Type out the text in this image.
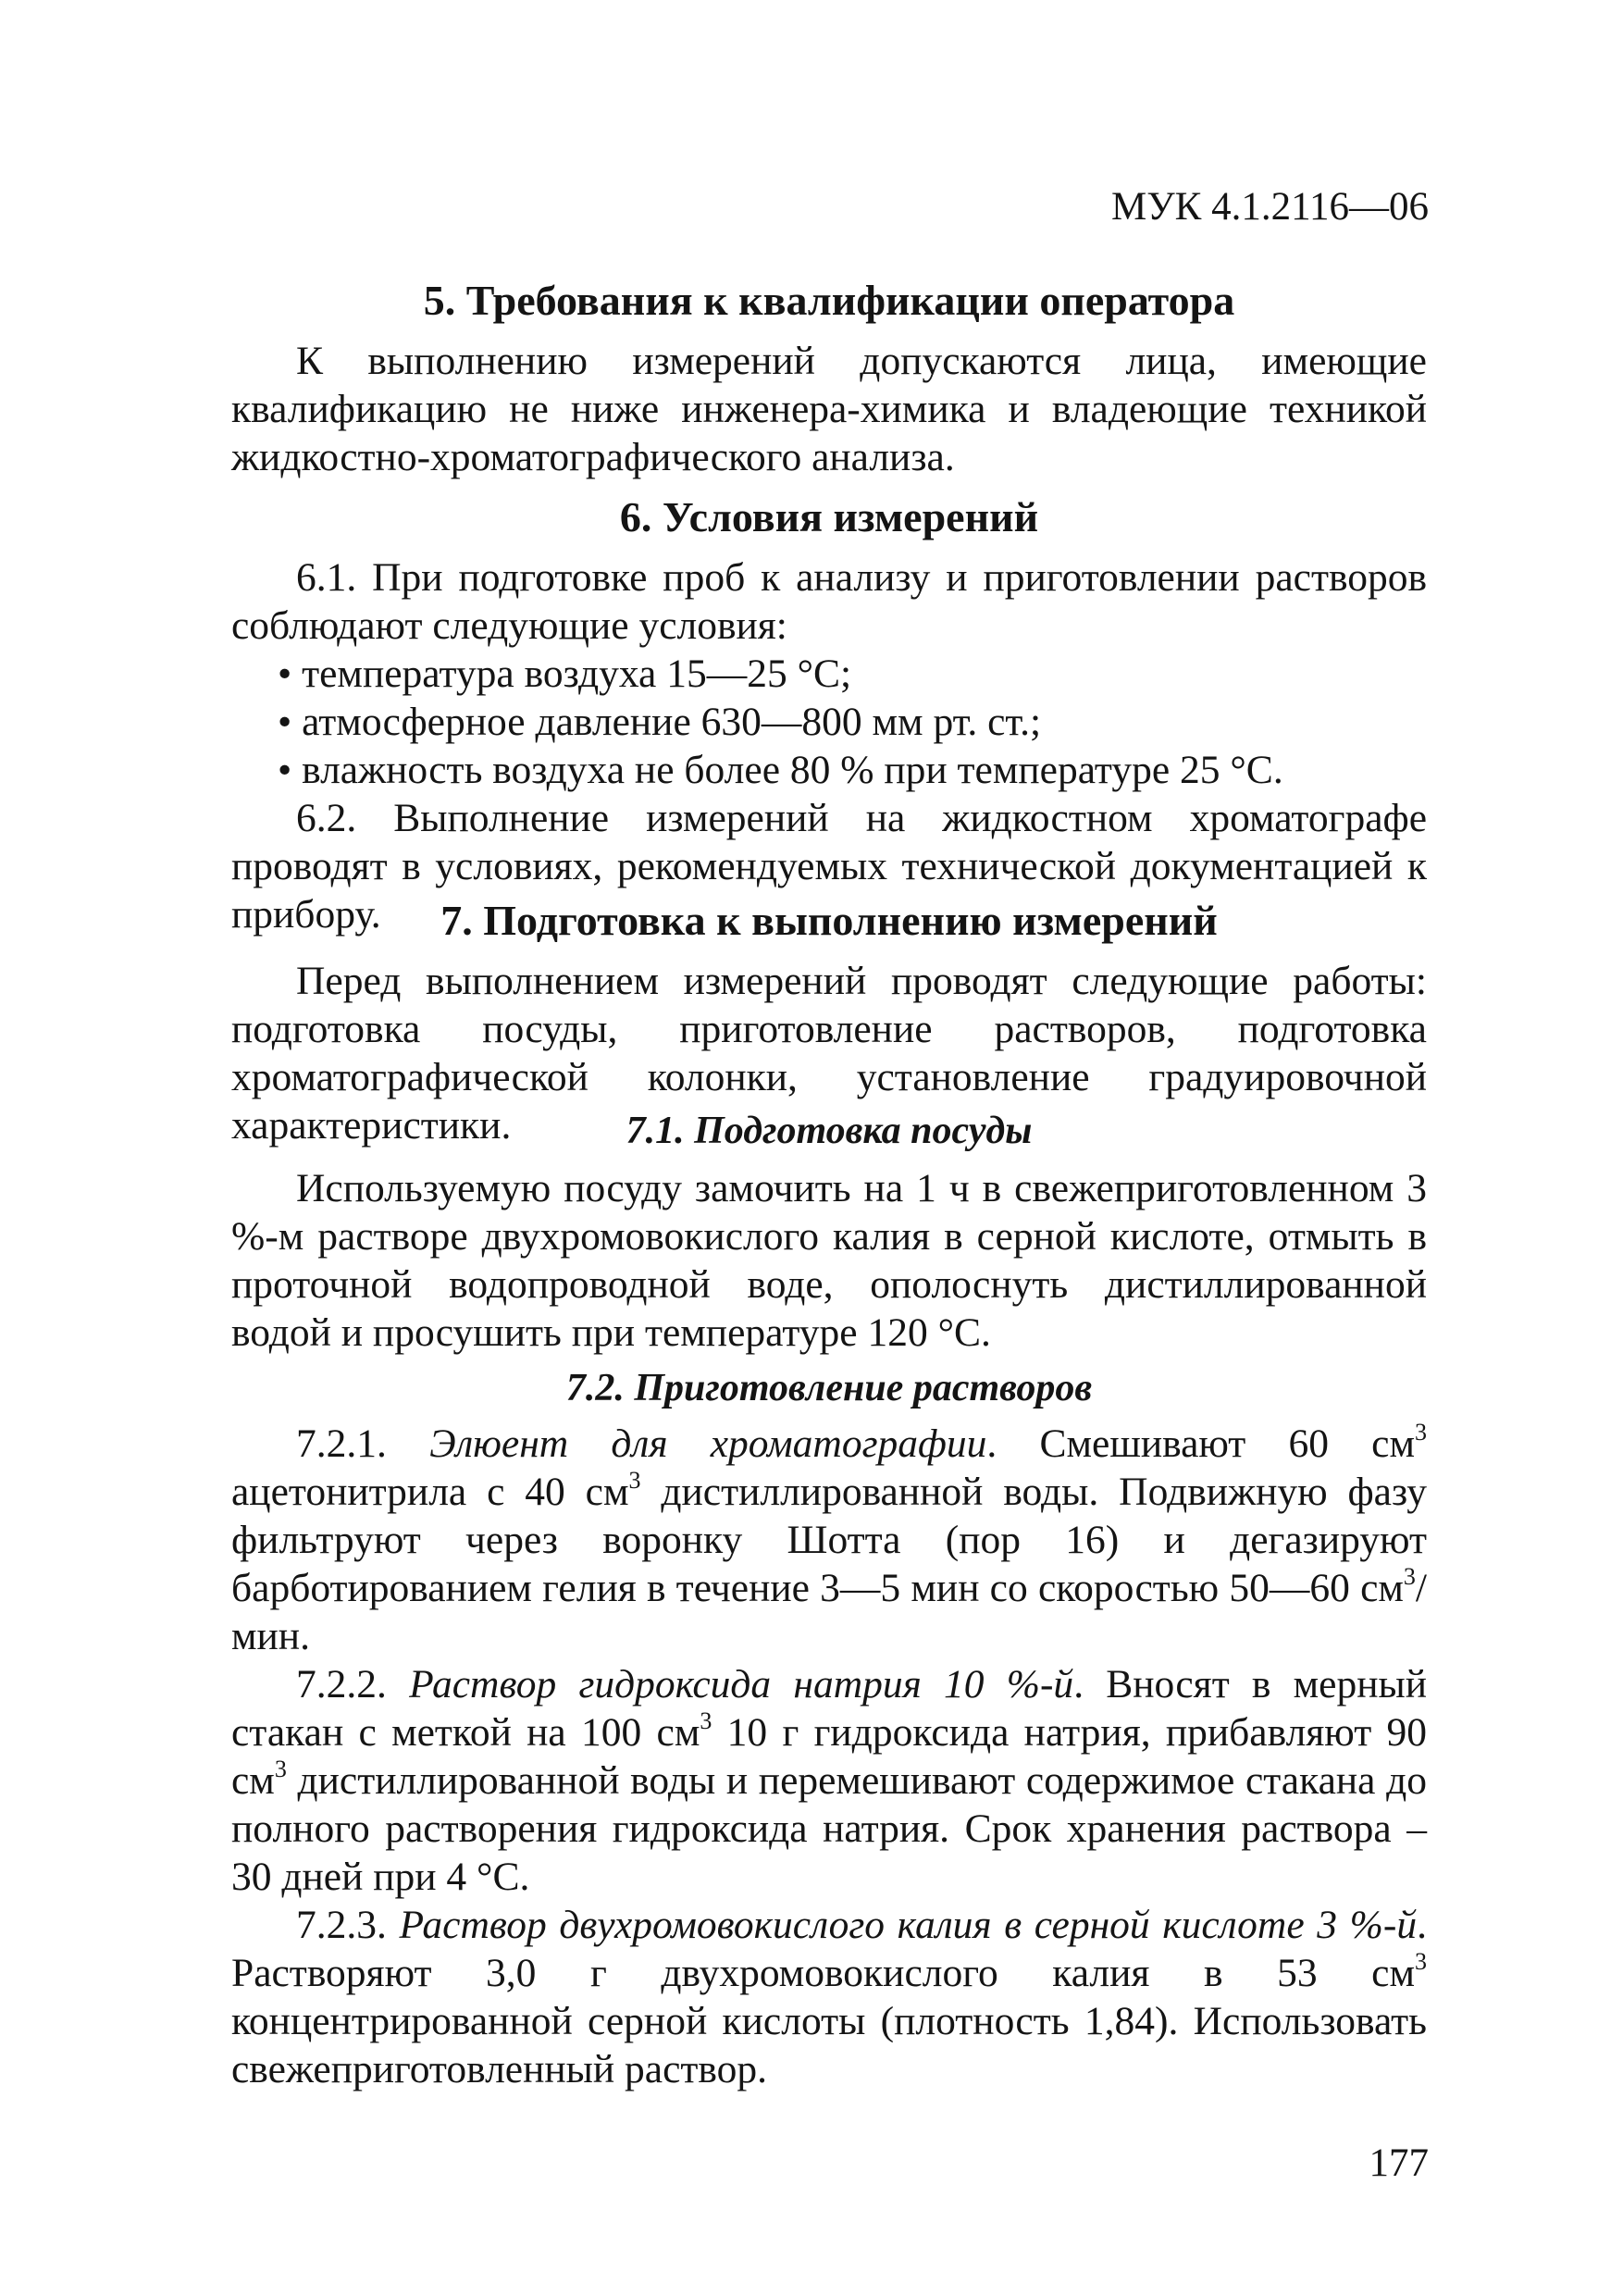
МУК 4.1.2116—06
5. Требования к квалификации оператора

К выполнению измерений допускаются лица, имеющие квалификацию не ниже инженера-химика и владеющие техникой жидкостно-хроматографического анализа.

6. Условия измерений

6.1. При подготовке проб к анализу и приготовлении растворов соблюдают следующие условия:

• температура воздуха 15—25 °С;

• атмосферное давление 630—800 мм рт. ст.;

• влажность воздуха не более 80 % при температуре 25 °С.

6.2. Выполнение измерений на жидкостном хроматографе проводят в условиях, рекомендуемых технической документацией к прибору.	7. Подготовка к выполнению измерений

Перед выполнением измерений проводят следующие работы: подготовка посуды, приготовление растворов, подготовка хроматографической колонки, установление градуировочной характеристики.	7.1. Подготовка посуды

Используемую посуду замочить на 1 ч в свежеприготовленном 3 %-м растворе двухромовокислого калия в серной кислоте, отмыть в проточной водопроводной воде, ополоснуть дистиллированной водой и просушить при температуре 120 °С.

7.2. Приготовление растворов

7.2.1. Элюент для хроматографии. Смешивают 60 $см^3$ ацетонитрила с 40 $см^3$ дистиллированной воды. Подвижную фазу фильтруют через воронку Шотта (пор 16) и дегазируют барботированием гелия в течение 3—5 мин со скоростью 50—60 $см^3$/мин.

7.2.2. Раствор гидроксида натрия 10 %-й. Вносят в мерный стакан с меткой на 100 $см^3$ 10 г гидроксида натрия, прибавляют 90 $см^3$ дистиллированной воды и перемешивают содержимое стакана до полного растворения гидроксида натрия. Срок хранения раствора – 30 дней при 4 °С.

7.2.3. Раствор двухромовокислого калия в серной кислоте 3 %-й. Растворяют 3,0 г двухромовокислого калия в 53 $см^3$ концентрированной серной кислоты (плотность 1,84). Использовать свежеприготовленный раствор.

177
